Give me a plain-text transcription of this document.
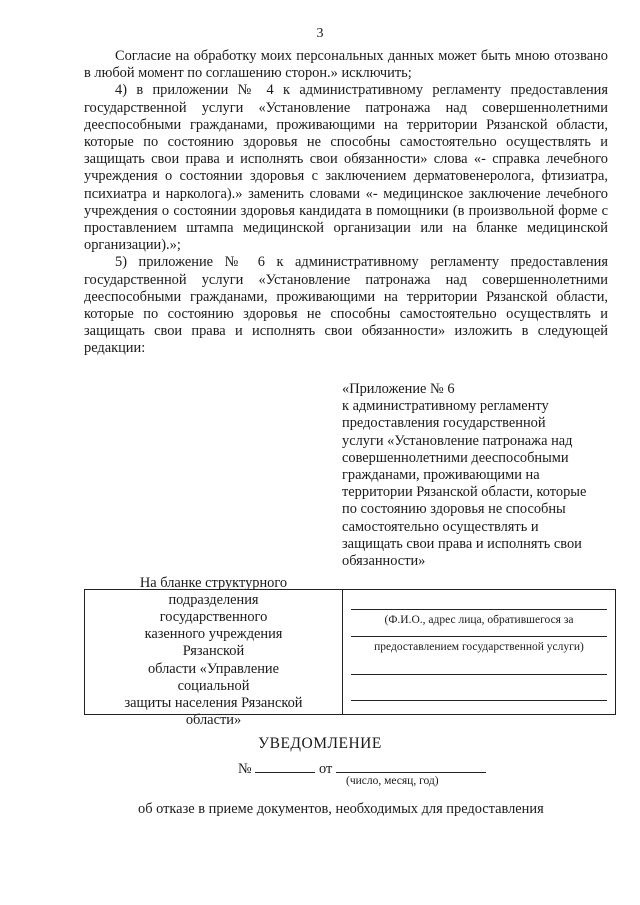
3

Согласие на обработку моих персональных данных может быть мною отозвано в любой момент по соглашению сторон.» исключить;

4) в приложении № 4 к административному регламенту предоставления государственной услуги «Установление патронажа над совершеннолетними дееспособными гражданами, проживающими на территории Рязанской области, которые по состоянию здоровья не способны самостоятельно осуществлять и защищать свои права и исполнять свои обязанности» слова «- справка лечебного учреждения о состоянии здоровья с заключением дерматовенеролога, фтизиатра, психиатра и нарколога).» заменить словами «- медицинское заключение лечебного учреждения о состоянии здоровья кандидата в помощники (в произвольной форме с проставлением штампа медицинской организации или на бланке медицинской организации).»;

5) приложение № 6 к административному регламенту предоставления государственной услуги «Установление патронажа над совершеннолетними дееспособными гражданами, проживающими на территории Рязанской области, которые по состоянию здоровья не способны самостоятельно осуществлять и защищать свои права и исполнять свои обязанности» изложить в следующей редакции:

«Приложение № 6
к административному регламенту
предоставления государственной
услуги «Установление патронажа над
совершеннолетними дееспособными
гражданами, проживающими на
территории Рязанской области, которые
по состоянию здоровья не способны
самостоятельно осуществлять и
защищать свои права и исполнять свои
обязанности»
На бланке структурного
подразделения государственного
казенного учреждения Рязанской
области «Управление социальной
защиты населения Рязанской
области»
(Ф.И.О., адрес лица, обратившегося за
предоставлением государственной услуги)
УВЕДОМЛЕНИЕ
№	от
(число, месяц, год)
об отказе в приеме документов, необходимых для предоставления
